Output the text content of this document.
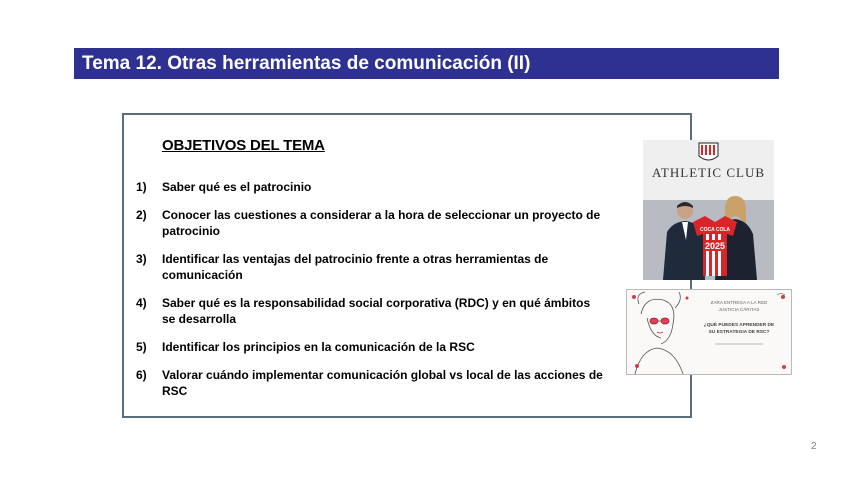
Tema 12. Otras herramientas de comunicación (II)
OBJETIVOS DEL TEMA
1) Saber qué es el patrocinio
2) Conocer las cuestiones a considerar a la hora de seleccionar un proyecto de patrocinio
3) Identificar las ventajas del patrocinio frente a otras herramientas de comunicación
4) Saber qué es la responsabilidad social corporativa (RDC) y en qué ámbitos se desarrolla
5) Identificar los principios en la comunicación de la RSC
6) Valorar cuándo implementar comunicación global vs local de las acciones de RSC
ATHLETIC CLUB
COCA COLA
2025
ZARA ENTREGA A LA RED
JUSTICIA CÁRITAS
¿QUÉ PUEDES APRENDER DE
SU ESTRATEGIA DE RSC?
2
